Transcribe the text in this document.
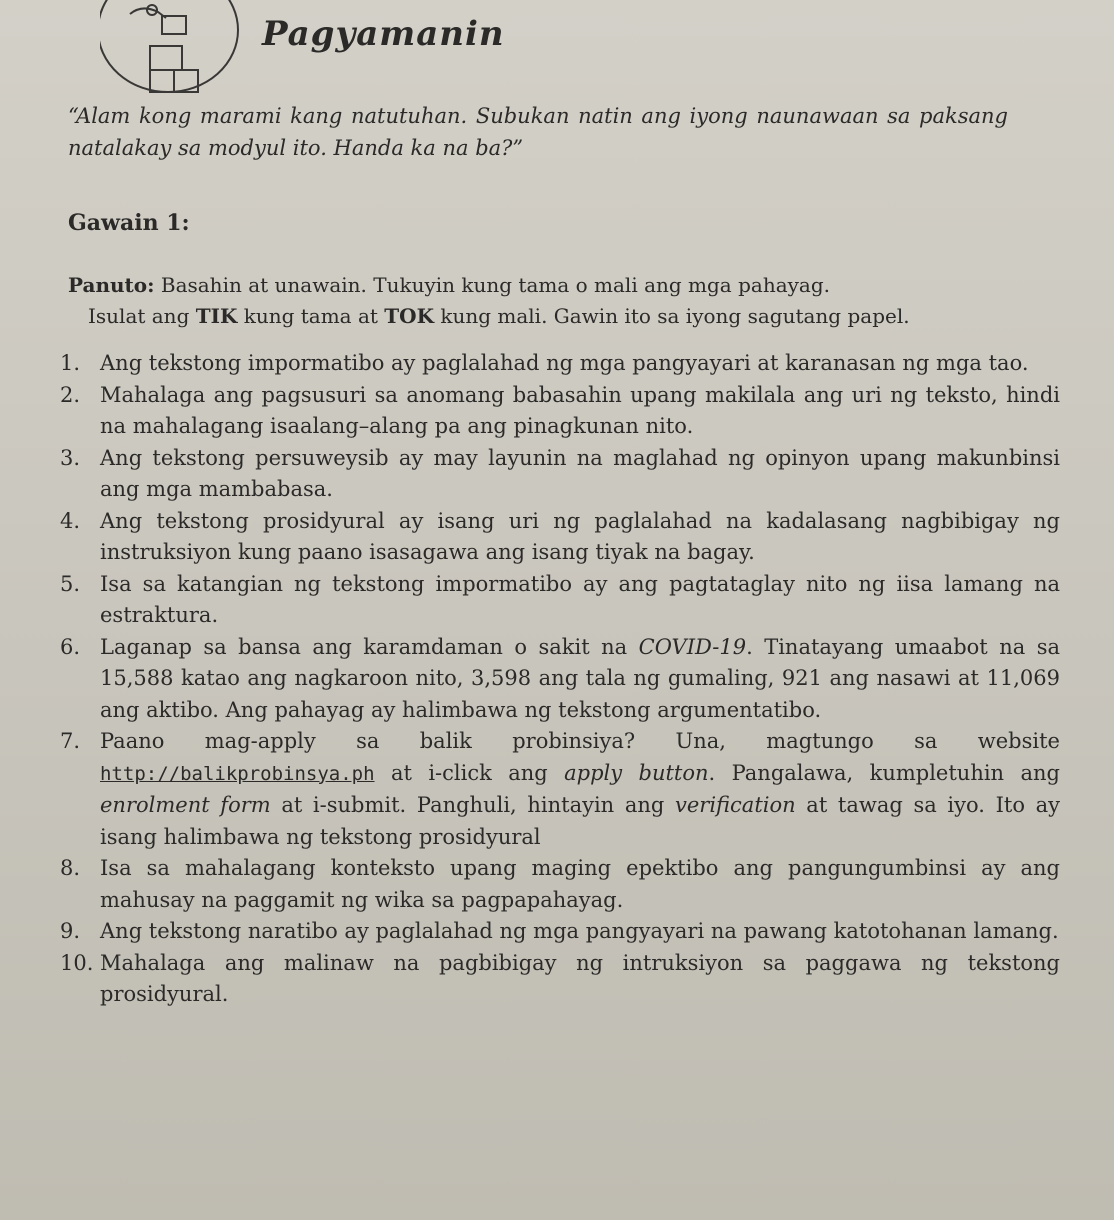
Pagyamanin
“Alam kong marami kang natutuhan. Subukan natin ang iyong naunawaan sa paksang natalakay sa modyul ito. Handa ka na ba?”
Gawain 1:
Panuto: Basahin at unawain. Tukuyin kung tama o mali ang mga pahayag.
Isulat ang TIK kung tama at TOK kung mali. Gawin ito sa iyong sagutang papel.
1. Ang tekstong impormatibo ay paglalahad ng mga pangyayari at karanasan ng mga tao.
2. Mahalaga ang pagsusuri sa anomang babasahin upang makilala ang uri ng teksto, hindi na mahalagang isaalang–alang pa ang pinagkunan nito.
3. Ang tekstong persuweysib ay may layunin na maglahad ng opinyon upang makunbinsi ang mga mambabasa.
4. Ang tekstong prosidyural ay isang uri ng paglalahad na kadalasang nagbibigay ng instruksiyon kung paano isasagawa ang isang tiyak na bagay.
5. Isa sa katangian ng tekstong impormatibo ay ang pagtataglay nito ng iisa lamang na estraktura.
6. Laganap sa bansa ang karamdaman o sakit na COVID-19. Tinatayang umaabot na sa 15,588 katao ang nagkaroon nito, 3,598 ang tala ng gumaling, 921 ang nasawi at 11,069 ang aktibo. Ang pahayag ay halimbawa ng tekstong argumentatibo.
7. Paano mag-apply sa balik probinsiya? Una, magtungo sa website http://balikprobinsya.ph at i-click ang apply button. Pangalawa, kumpletuhin ang enrolment form at i-submit. Panghuli, hintayin ang verification at tawag sa iyo. Ito ay isang halimbawa ng tekstong prosidyural
8. Isa sa mahalagang konteksto upang maging epektibo ang pangungumbinsi ay ang mahusay na paggamit ng wika sa pagpapahayag.
9. Ang tekstong naratibo ay paglalahad ng mga pangyayari na pawang katotohanan lamang.
10. Mahalaga ang malinaw na pagbibigay ng intruksiyon sa paggawa ng tekstong prosidyural.
